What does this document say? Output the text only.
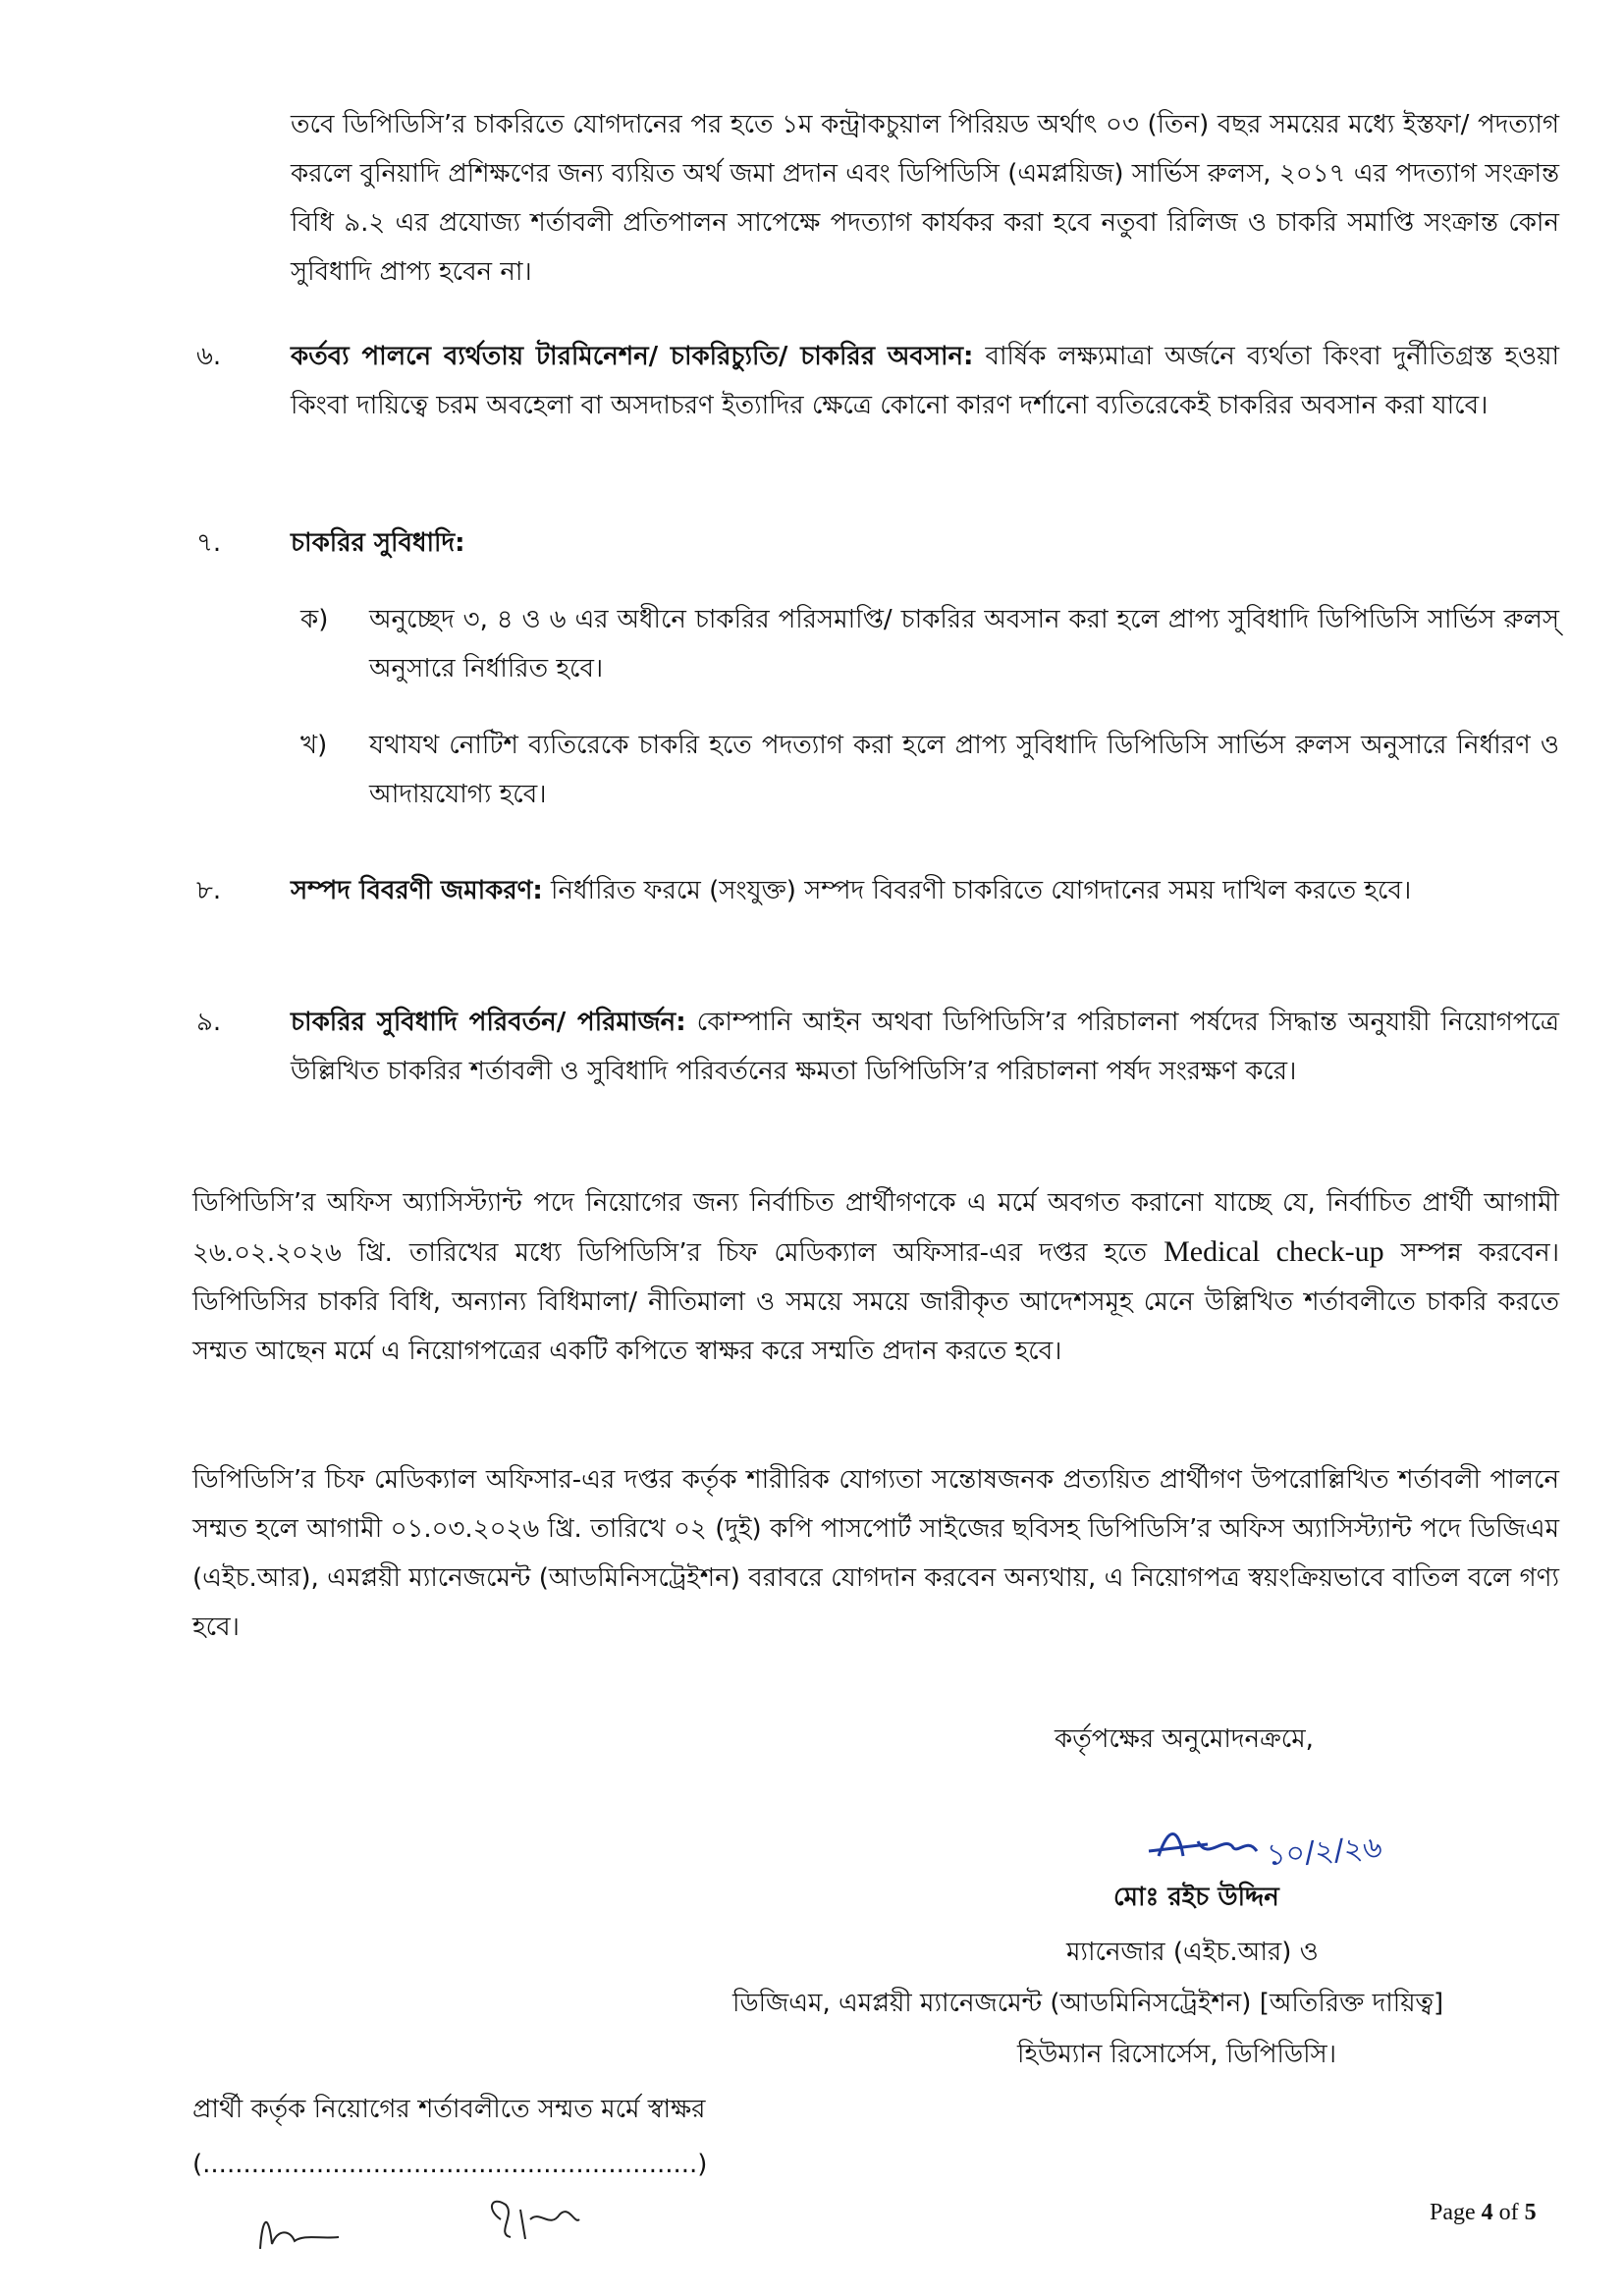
তবে ডিপিডিসি’র চাকরিতে যোগদানের পর হতে ১ম কন্ট্রাকচুয়াল পিরিয়ড অর্থাৎ ০৩ (তিন) বছর সময়ের মধ্যে ইস্তফা/ পদত্যাগ করলে বুনিয়াদি প্রশিক্ষণের জন্য ব্যয়িত অর্থ জমা প্রদান এবং ডিপিডিসি (এমপ্লয়িজ) সার্ভিস রুলস, ২০১৭ এর পদত্যাগ সংক্রান্ত বিধি ৯.২ এর প্রযোজ্য শর্তাবলী প্রতিপালন সাপেক্ষে পদত্যাগ কার্যকর করা হবে নতুবা রিলিজ ও চাকরি সমাপ্তি সংক্রান্ত কোন সুবিধাদি প্রাপ্য হবেন না।
৬.	কর্তব্য পালনে ব্যর্থতায় টারমিনেশন/ চাকরিচ্যুতি/ চাকরির অবসান: বার্ষিক লক্ষ্যমাত্রা অর্জনে ব্যর্থতা কিংবা দুর্নীতিগ্রস্ত হওয়া কিংবা দায়িত্বে চরম অবহেলা বা অসদাচরণ ইত্যাদির ক্ষেত্রে কোনো কারণ দর্শানো ব্যতিরেকেই চাকরির অবসান করা যাবে।
৭.	চাকরির সুবিধাদি:
ক) অনুচ্ছেদ ৩, ৪ ও ৬ এর অধীনে চাকরির পরিসমাপ্তি/ চাকরির অবসান করা হলে প্রাপ্য সুবিধাদি ডিপিডিসি সার্ভিস রুলস্ অনুসারে নির্ধারিত হবে।
খ) যথাযথ নোটিশ ব্যতিরেকে চাকরি হতে পদত্যাগ করা হলে প্রাপ্য সুবিধাদি ডিপিডিসি সার্ভিস রুলস অনুসারে নির্ধারণ ও আদায়যোগ্য হবে।
৮.	সম্পদ বিবরণী জমাকরণ: নির্ধারিত ফরমে (সংযুক্ত) সম্পদ বিবরণী চাকরিতে যোগদানের সময় দাখিল করতে হবে।
৯.	চাকরির সুবিধাদি পরিবর্তন/ পরিমার্জন: কোম্পানি আইন অথবা ডিপিডিসি’র পরিচালনা পর্ষদের সিদ্ধান্ত অনুযায়ী নিয়োগপত্রে উল্লিখিত চাকরির শর্তাবলী ও সুবিধাদি পরিবর্তনের ক্ষমতা ডিপিডিসি’র পরিচালনা পর্ষদ সংরক্ষণ করে।
ডিপিডিসি’র অফিস অ্যাসিস্ট্যান্ট পদে নিয়োগের জন্য নির্বাচিত প্রার্থীগণকে এ মর্মে অবগত করানো যাচ্ছে যে, নির্বাচিত প্রার্থী আগামী ২৬.০২.২০২৬ খ্রি. তারিখের মধ্যে ডিপিডিসি’র চিফ মেডিক্যাল অফিসার-এর দপ্তর হতে Medical check-up সম্পন্ন করবেন। ডিপিডিসির চাকরি বিধি, অন্যান্য বিধিমালা/ নীতিমালা ও সময়ে সময়ে জারীকৃত আদেশসমূহ মেনে উল্লিখিত শর্তাবলীতে চাকরি করতে সম্মত আছেন মর্মে এ নিয়োগপত্রের একটি কপিতে স্বাক্ষর করে সম্মতি প্রদান করতে হবে।
ডিপিডিসি’র চিফ মেডিক্যাল অফিসার-এর দপ্তর কর্তৃক শারীরিক যোগ্যতা সন্তোষজনক প্রত্যয়িত প্রার্থীগণ উপরোল্লিখিত শর্তাবলী পালনে সম্মত হলে আগামী ০১.০৩.২০২৬ খ্রি. তারিখে ০২ (দুই) কপি পাসপোর্ট সাইজের ছবিসহ ডিপিডিসি’র অফিস অ্যাসিস্ট্যান্ট পদে ডিজিএম (এইচ.আর), এমপ্লয়ী ম্যানেজমেন্ট (আডমিনিসট্রেইশন) বরাবরে যোগদান করবেন অন্যথায়, এ নিয়োগপত্র স্বয়ংক্রিয়ভাবে বাতিল বলে গণ্য হবে।
কর্তৃপক্ষের অনুমোদনক্রমে,
১০/২/২৬
মোঃ রইচ উদ্দিন
ম্যানেজার (এইচ.আর) ও
ডিজিএম, এমপ্লয়ী ম্যানেজমেন্ট (আডমিনিসট্রেইশন) [অতিরিক্ত দায়িত্ব]
হিউম্যান রিসোর্সেস, ডিপিডিসি।
প্রার্থী কর্তৃক নিয়োগের শর্তাবলীতে সম্মত মর্মে স্বাক্ষর
(.............................................................)
Page 4 of 5
